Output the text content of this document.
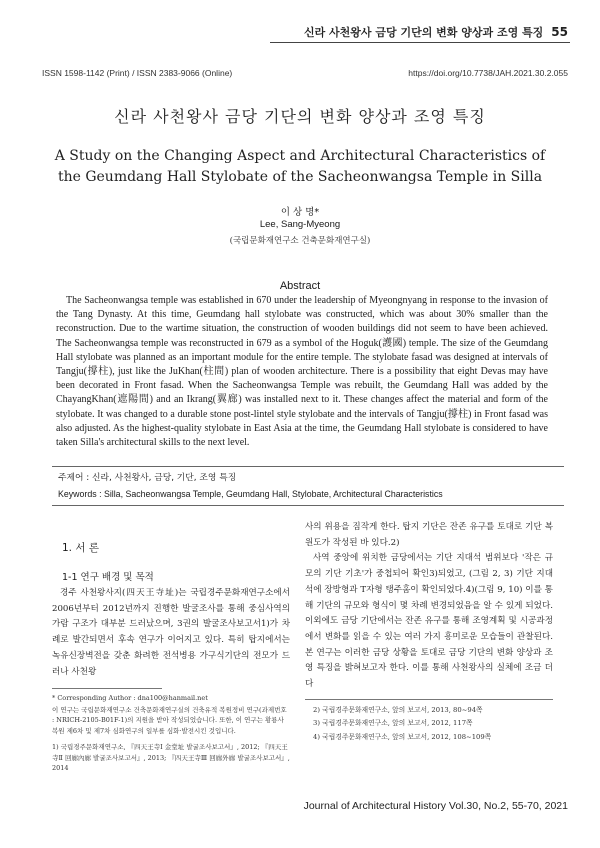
신라 사천왕사 금당 기단의 변화 양상과 조영 특징 55
ISSN 1598-1142 (Print) / ISSN 2383-9066 (Online)	https://doi.org/10.7738/JAH.2021.30.2.055
신라 사천왕사 금당 기단의 변화 양상과 조영 특징
A Study on the Changing Aspect and Architectural Characteristics of the Geumdang Hall Stylobate of the Sacheonwangsa Temple in Silla
이 상 명*
Lee, Sang-Myeong
(국립문화재연구소 건축문화재연구실)
Abstract
The Sacheonwangsa temple was established in 670 under the leadership of Myeongnyang in response to the invasion of the Tang Dynasty. At this time, Geumdang hall stylobate was constructed, which was about 30% smaller than the reconstruction. Due to the wartime situation, the construction of wooden buildings did not seem to have been achieved. The Sacheonwangsa temple was reconstructed in 679 as a symbol of the Hoguk(護國) temple. The size of the Geumdang Hall stylobate was planned as an important module for the entire temple. The stylobate fasad was designed at intervals of Tangju(撐柱), just like the JuKhan(柱間) plan of wooden architecture. There is a possibility that eight Devas may have been decorated in Front fasad. When the Sacheonwangsa Temple was rebuilt, the Geumdang Hall was added by the ChayangKhan(遮陽間) and an Ikrang(翼廊) was installed next to it. These changes affect the material and form of the stylobate. It was changed to a durable stone post-lintel style stylobate and the intervals of Tangju(撐柱) in Front fasad was also adjusted. As the highest-quality stylobate in East Asia at the time, the Geumdang Hall stylobate is considered to have taken Silla's architectural skills to the next level.
주제어 : 신라, 사천왕사, 금당, 기단, 조영 특징
Keywords : Silla, Sacheonwangsa Temple, Geumdang Hall, Stylobate, Architectural Characteristics
1. 서 론
1-1 연구 배경 및 목적

경주 사천왕사지(四天王寺址)는 국립경주문화재연구소에서 2006년부터 2012년까지 진행한 발굴조사를 통해 중심사역의 가람 구조가 대부분 드러났으며, 3권의 발굴조사보고서1)가 차례로 발간되면서 후속 연구가 이어지고 있다. 특히 탑지에서는 녹유신장벽전을 갖춘 화려한 전석병용 가구식기단의 전모가 드러나 사천왕

* Corresponding Author : dna100@hanmail.net
이 연구는 국립문화재연구소 건축문화재연구실의 건축유적 복원정비 연구(과제번호 : NRICH-2105-B01F-1)의 지원을 받아 작성되었습니다. 또한, 이 연구는 황룡사 복원 제6차 및 제7차 심화연구의 일부를 심화·발전시킨 것입니다.
1) 국립경주문화재연구소, 『四天王寺Ⅰ 金堂址 발굴조사보고서』, 2012; 『四天王寺Ⅱ 回廊內廊 발굴조사보고서』, 2013; 『四天王寺Ⅲ 回廊外廊 발굴조사보고서』, 2014

사의 위용을 짐작게 한다. 탑지 기단은 잔존 유구를 토대로 기단 복원도가 작성된 바 있다.2)

사역 중앙에 위치한 금당에서는 기단 지대석 범위보다 '작은 규모의 기단 기초'가 중첩되어 확인3)되었고, (그림 2, 3) 기단 지대석에 장방형과 T자형 탱주홈이 확인되었다.4)(그림 9, 10) 이를 통해 기단의 규모와 형식이 몇 차례 변경되었음을 알 수 있게 되었다. 이외에도 금당 기단에서는 잔존 유구를 통해 조영계획 및 시공과정에서 변화를 읽을 수 있는 여러 가지 흥미로운 모습들이 관찰된다. 본 연구는 이러한 금당 상황을 토대로 금당 기단의 변화 양상과 조영 특징을 밝혀보고자 한다. 이를 통해 사천왕사의 실체에 조금 더 다

2) 국립경주문화재연구소, 앞의 보고서, 2013, 80~94쪽
3) 국립경주문화재연구소, 앞의 보고서, 2012, 117쪽
4) 국립경주문화재연구소, 앞의 보고서, 2012, 108~109쪽
Journal of Architectural History Vol.30, No.2, 55-70, 2021
